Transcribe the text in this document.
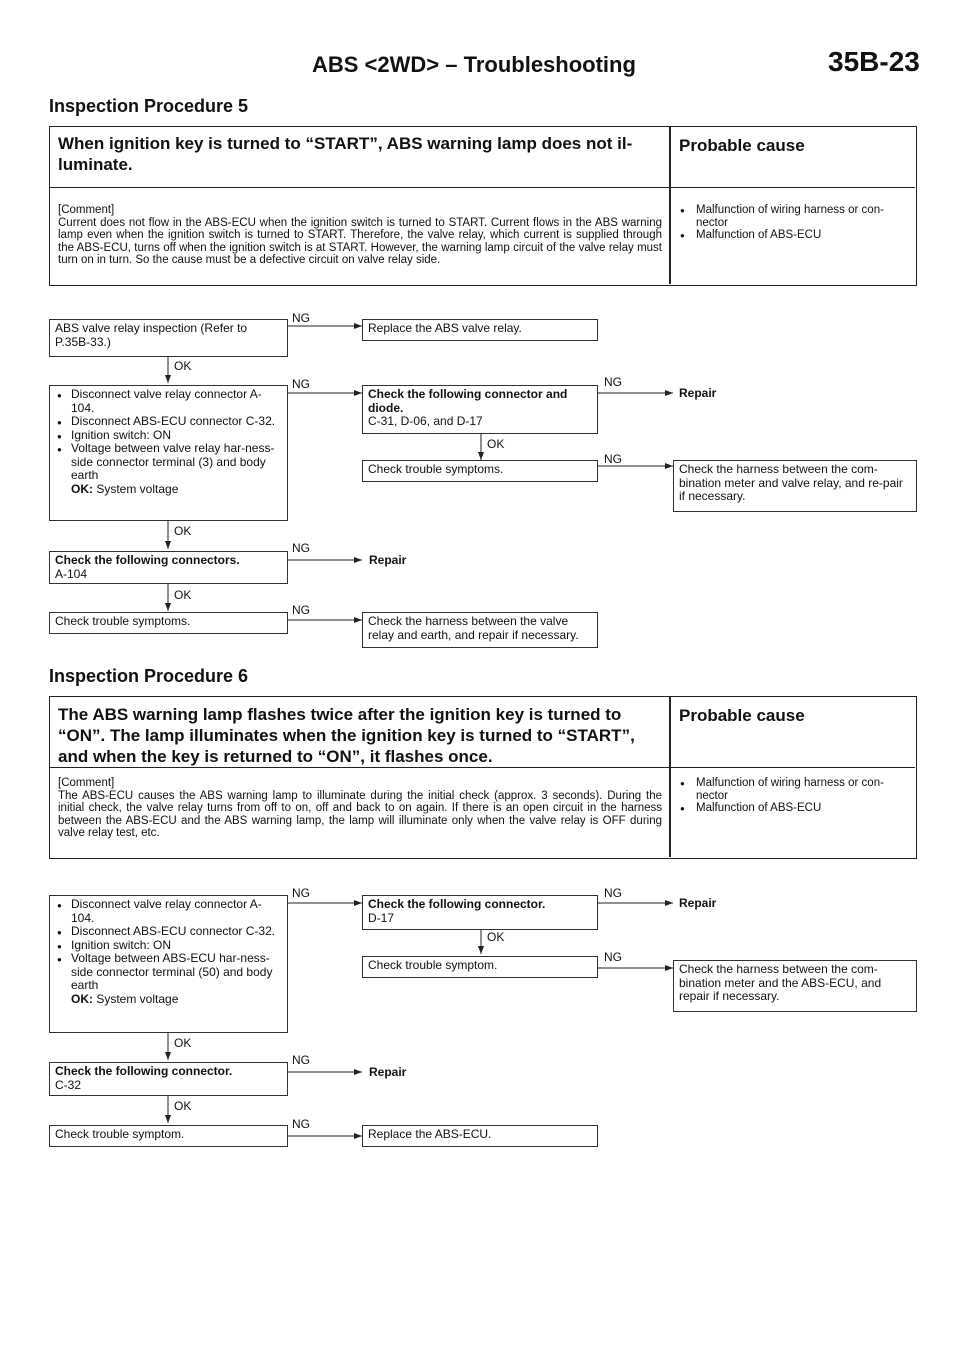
ABS <2WD> – Troubleshooting	35B-23
Inspection Procedure 5
When ignition key is turned to “START”, ABS warning lamp does not il-luminate.
Probable cause
[Comment]
Current does not flow in the ABS-ECU when the ignition switch is turned to START. Current flows in the ABS warning lamp even when the ignition switch is turned to START. Therefore, the valve relay, which current is supplied through the ABS-ECU, turns off when the ignition switch is at START. However, the warning lamp circuit of the valve relay must turn on in turn. So the cause must be a defective circuit on valve relay side.
● Malfunction of wiring harness or con-nector
● Malfunction of ABS-ECU
NG
OK
NG	NG
OK
NG
OK
NG
OK
NG
ABS valve relay inspection (Refer to P.35B-33.)
Replace the ABS valve relay.
● Disconnect valve relay connector A-104.
● Disconnect ABS-ECU connector C-32.
● Ignition switch: ON
● Voltage between valve relay har-ness-side connector terminal (3) and body earth
OK: System voltage
Check the following connector and diode.
C-31, D-06, and D-17
Repair
Check trouble symptoms.	Check the harness between the com-bination meter and valve relay, and re-pair if necessary.
Check the following connectors.
A-104
Repair
Check trouble symptoms.	Check the harness between the valve relay and earth, and repair if necessary.
Inspection Procedure 6
The ABS warning lamp flashes twice after the ignition key is turned to “ON”. The lamp illuminates when the ignition key is turned to “START”, and when the key is returned to “ON”, it flashes once.
Probable cause
[Comment]
The ABS-ECU causes the ABS warning lamp to illuminate during the initial check (approx. 3 seconds). During the initial check, the valve relay turns from off to on, off and back to on again. If there is an open circuit in the harness between the ABS-ECU and the ABS warning lamp, the lamp will illuminate only when the valve relay is OFF during valve relay test, etc.
● Malfunction of wiring harness or con-nector
● Malfunction of ABS-ECU
NG	NG
OK
NG
OK
NG
OK
NG
● Disconnect valve relay connector A-104.
● Disconnect ABS-ECU connector C-32.
● Ignition switch: ON
● Voltage between ABS-ECU har-ness-side connector terminal (50) and body earth
OK: System voltage
Check the following connector.
D-17
Repair
Check trouble symptom.	Check the harness between the com-bination meter and the ABS-ECU, and repair if necessary.
Check the following connector.
C-32
Repair
Check trouble symptom.	Replace the ABS-ECU.
